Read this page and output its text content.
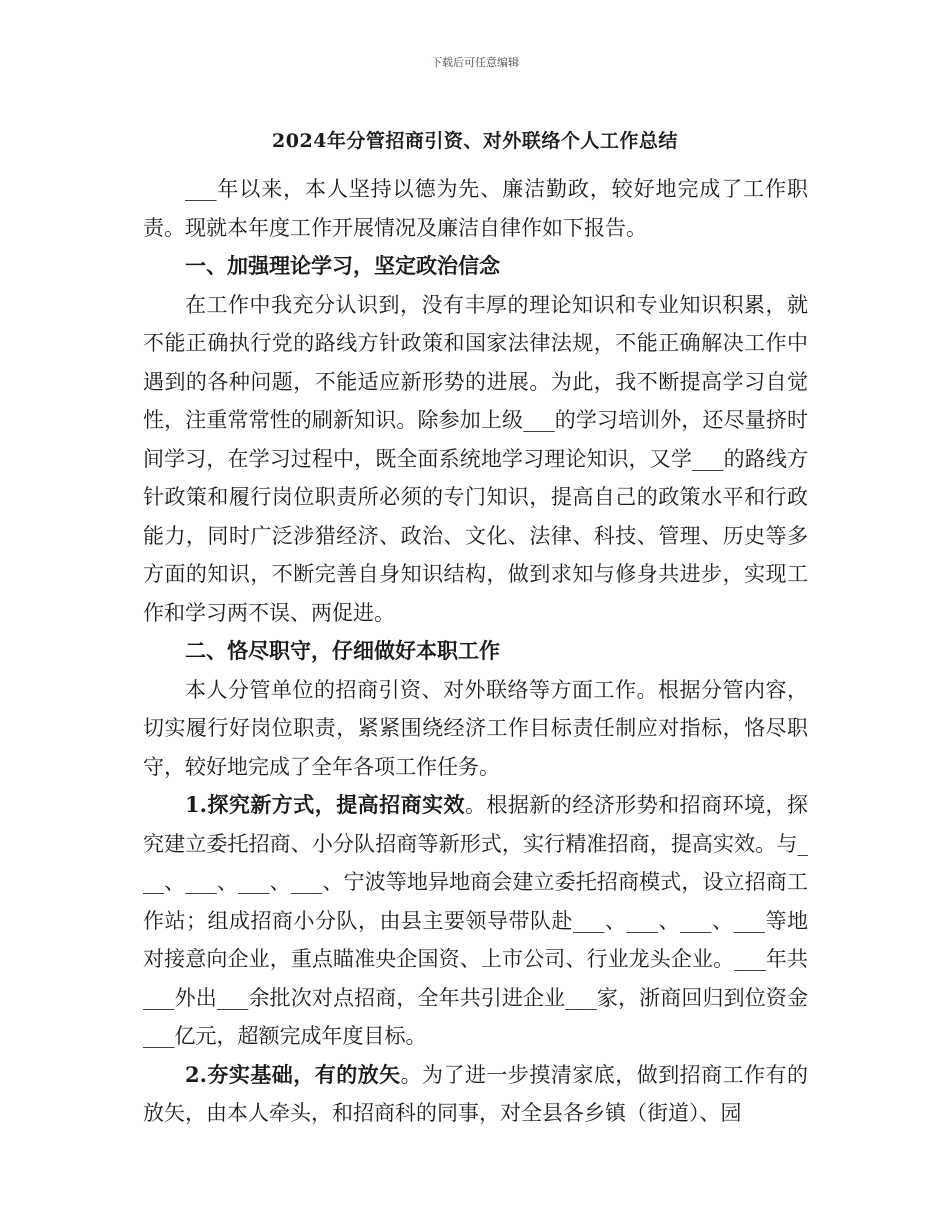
下载后可任意编辑
2024年分管招商引资、对外联络个人工作总结

___年以来，本人坚持以德为先、廉洁勤政，较好地完成了工作职责。现就本年度工作开展情况及廉洁自律作如下报告。

一、加强理论学习，坚定政治信念

在工作中我充分认识到，没有丰厚的理论知识和专业知识积累，就不能正确执行党的路线方针政策和国家法律法规，不能正确解决工作中遇到的各种问题，不能适应新形势的进展。为此，我不断提高学习自觉性，注重常常性的刷新知识。除参加上级___的学习培训外，还尽量挤时间学习，在学习过程中，既全面系统地学习理论知识，又学___的路线方针政策和履行岗位职责所必须的专门知识，提高自己的政策水平和行政能力，同时广泛涉猎经济、政治、文化、法律、科技、管理、历史等多方面的知识，不断完善自身知识结构，做到求知与修身共进步，实现工作和学习两不误、两促进。

二、恪尽职守，仔细做好本职工作

本人分管单位的招商引资、对外联络等方面工作。根据分管内容，切实履行好岗位职责，紧紧围绕经济工作目标责任制应对指标，恪尽职守，较好地完成了全年各项工作任务。

1.探究新方式，提高招商实效。根据新的经济形势和招商环境，探究建立委托招商、小分队招商等新形式，实行精准招商，提高实效。与___、___、___、___、宁波等地异地商会建立委托招商模式，设立招商工作站；组成招商小分队，由县主要领导带队赴___、___、___、___等地对接意向企业，重点瞄准央企国资、上市公司、行业龙头企业。___年共___外出___余批次对点招商，全年共引进企业___家，浙商回归到位资金___亿元，超额完成年度目标。

2.夯实基础，有的放矢。为了进一步摸清家底，做到招商工作有的放矢，由本人牵头，和招商科的同事，对全县各乡镇（街道）、园
